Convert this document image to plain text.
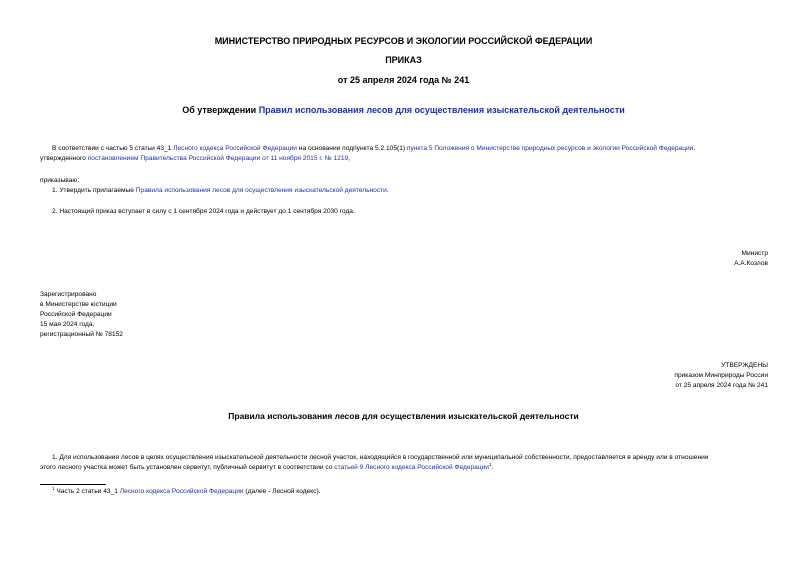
МИНИСТЕРСТВО ПРИРОДНЫХ РЕСУРСОВ И ЭКОЛОГИИ РОССИЙСКОЙ ФЕДЕРАЦИИ
ПРИКАЗ
от 25 апреля 2024 года № 241
Об утверждении Правил использования лесов для осуществления изыскательской деятельности
В соответствии с частью 5 статьи 43_1 Лесного кодекса Российской Федерации на основании подпункта 5.2.105(1) пункта 5 Положения о Министерстве природных ресурсов и экологии Российской Федерации,
утвержденного постановлением Правительства Российской Федерации от 11 ноября 2015 г. № 1219,
приказываю:
1. Утвердить прилагаемые Правила использования лесов для осуществления изыскательской деятельности.
2. Настоящий приказ вступает в силу с 1 сентября 2024 года и действует до 1 сентября 2030 года.
Министр
А.А.Козлов
Зарегистрировано
в Министерстве юстиции
Российской Федерации
15 мая 2024 года,
регистрационный № 78152
УТВЕРЖДЕНЫ
приказом Минприроды России
от 25 апреля 2024 года № 241
Правила использования лесов для осуществления изыскательской деятельности
1. Для использования лесов в целях осуществления изыскательской деятельности лесной участок, находящийся в государственной или муниципальной собственности, предоставляется в аренду или в отношении
этого лесного участка может быть установлен сервитут, публичный сервитут в соответствии со статьей 9 Лесного кодекса Российской Федерации$^1$.
$^1$ Часть 2 статьи 43_1 Лесного кодекса Российской Федерации (далее - Лесной кодекс).
